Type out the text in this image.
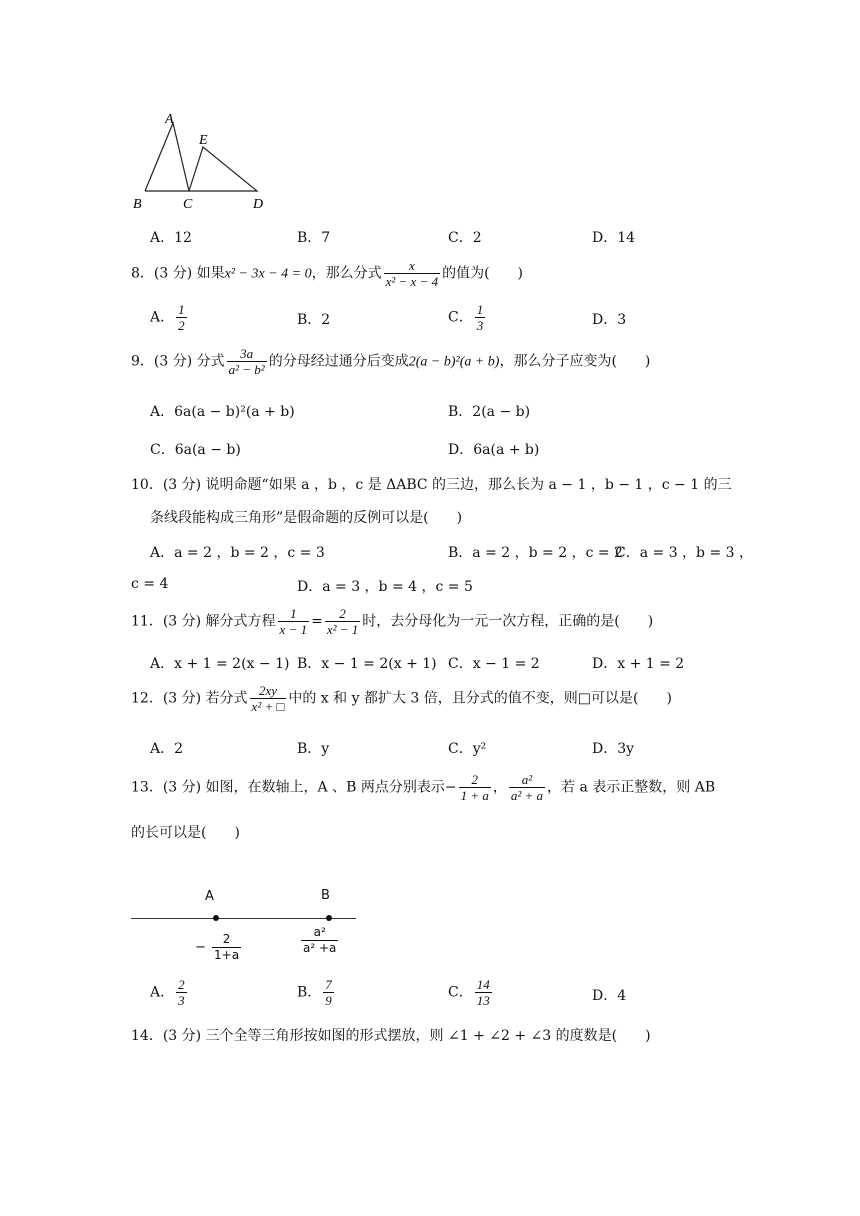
A
E
B	C	D
A．12	B．7	C．2	D．14
8．(3 分) 如果x² − 3x − 4 = 0，那么分式 $\frac{x}{\text{x² − x − 4}}$ 的值为(　　)
A． $\frac{1}{2}$	B．2	C． $\frac{1}{3}$	D．3
9．(3 分) 分式 $\frac{3a}{\text{a² − b²}}$ 的分母经过通分后变成2(a − b)²(a + b)，那么分子应变为(　　)
A．6a(a − b)²(a + b)	B．2(a − b)
C．6a(a − b)	D．6a(a + b)
10．(3 分) 说明命题“如果 a ，b ，c 是 ΔABC 的三边，那么长为 a − 1 ，b − 1 ，c − 1 的三
条线段能构成三角形”是假命题的反例可以是(　　)
A．a = 2 ，b = 2 ，c = 3	B．a = 2 ，b = 2 ，c = 2
C．a = 3 ，b = 3 ，
c = 4	D．a = 3 ，b = 4 ，c = 5
11．(3 分) 解分式方程 $\frac{1}{x - 1} = \frac{2}{\text{x² − 1}}$ 时，去分母化为一元一次方程，正确的是(　　)
A．x + 1 = 2(x − 1) B．x − 1 = 2(x + 1) C．x − 1 = 2	D．x + 1 = 2
12．(3 分) 若分式 $\frac{2xy}{\text{x² + □}}$ 中的 x 和 y 都扩大 3 倍，且分式的值不变，则□可以是(　　)
A．2	B．y	C．y²	D．3y
13．(3 分) 如图，在数轴上，A 、B 两点分别表示− $\frac{2}{1 + a}$ ， $\frac{\text{a²}}{\text{a² + a}}$ ，若 a 表示正整数，则 AB
的长可以是(　　)
A	B
− $\frac{2}{1+a}$	$\frac{\text{a²}}{\text{a² +a}}$
A． $\frac{2}{3}$	B． $\frac{7}{9}$	C． $\frac{14}{13}$	D．4
14．(3 分) 三个全等三角形按如图的形式摆放，则 ∠1 + ∠2 + ∠3 的度数是(　　)
